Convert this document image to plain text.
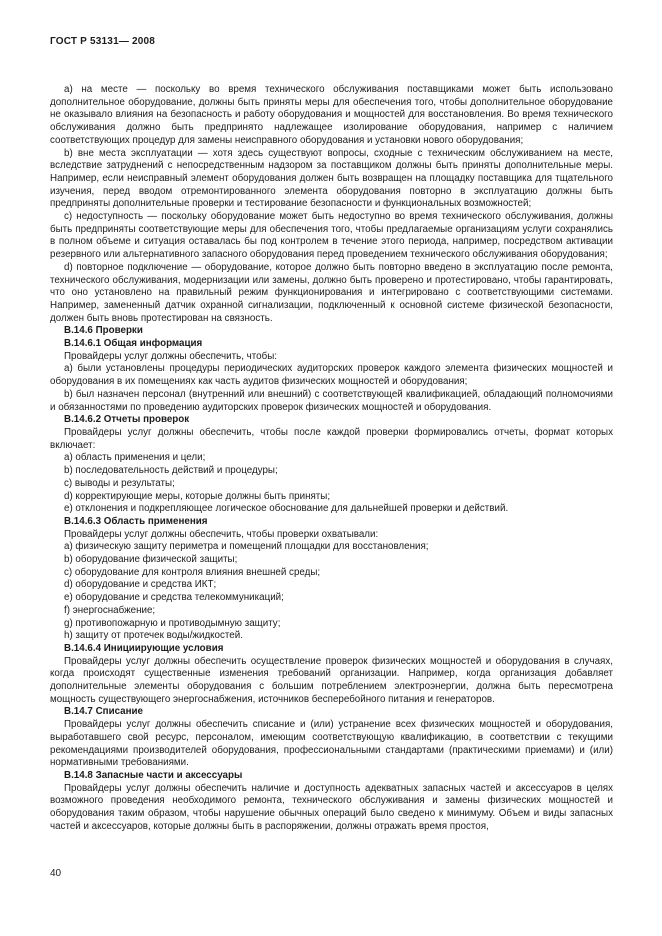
ГОСТ Р 53131— 2008

а) на месте — поскольку во время технического обслуживания поставщиками может быть использовано дополнительное оборудование, должны быть приняты меры для обеспечения того, чтобы дополнительное оборудование не оказывало влияния на безопасность и работу оборудования и мощностей для восстановления. Во время технического обслуживания должно быть предпринято надлежащее изолирование оборудования, например с наличием соответствующих процедур для замены неисправного оборудования и установки нового оборудования;

b) вне места эксплуатации — хотя здесь существуют вопросы, сходные с техническим обслуживанием на месте, вследствие затруднений с непосредственным надзором за поставщиком должны быть приняты дополнительные меры. Например, если неисправный элемент оборудования должен быть возвращен на площадку поставщика для тщательного изучения, перед вводом отремонтированного элемента оборудования повторно в эксплуатацию должны быть предприняты дополнительные проверки и тестирование безопасности и функциональных возможностей;

с) недоступность — поскольку оборудование может быть недоступно во время технического обслуживания, должны быть предприняты соответствующие меры для обеспечения того, чтобы предлагаемые организациям услуги сохранялись в полном объеме и ситуация оставалась бы под контролем в течение этого периода, например, посредством активации резервного или альтернативного запасного оборудования перед проведением технического обслуживания оборудования;

d) повторное подключение — оборудование, которое должно быть повторно введено в эксплуатацию после ремонта, технического обслуживания, модернизации или замены, должно быть проверено и протестировано, чтобы гарантировать, что оно установлено на правильный режим функционирования и интегрировано с соответствующими системами. Например, замененный датчик охранной сигнализации, подключенный к основной системе физической безопасности, должен быть вновь протестирован на связность.

В.14.6 Проверки

В.14.6.1 Общая информация

Провайдеры услуг должны обеспечить, чтобы:

а) были установлены процедуры периодических аудиторских проверок каждого элемента физических мощностей и оборудования в их помещениях как часть аудитов физических мощностей и оборудования;

b) был назначен персонал (внутренний или внешний) с соответствующей квалификацией, обладающий полномочиями и обязанностями по проведению аудиторских проверок физических мощностей и оборудования.

В.14.6.2 Отчеты проверок

Провайдеры услуг должны обеспечить, чтобы после каждой проверки формировались отчеты, формат которых включает:

а) область применения и цели;

b) последовательность действий и процедуры;

с) выводы и результаты;

d) корректирующие меры, которые должны быть приняты;

е) отклонения и подкрепляющее логическое обоснование для дальнейшей проверки и действий.

В.14.6.3 Область применения

Провайдеры услуг должны обеспечить, чтобы проверки охватывали:

а) физическую защиту периметра и помещений площадки для восстановления;

b) оборудование физической защиты;

с) оборудование для контроля влияния внешней среды;

d) оборудование и средства ИКТ;

е) оборудование и средства телекоммуникаций;

f) энергоснабжение;

g) противопожарную и противодымную защиту;

h) защиту от протечек воды/жидкостей.

В.14.6.4 Инициирующие условия

Провайдеры услуг должны обеспечить осуществление проверок физических мощностей и оборудования в случаях, когда происходят существенные изменения требований организации. Например, когда организация добавляет дополнительные элементы оборудования с большим потреблением электроэнергии, должна быть пересмотрена мощность существующего энергоснабжения, источников бесперебойного питания и генераторов.

В.14.7 Списание

Провайдеры услуг должны обеспечить списание и (или) устранение всех физических мощностей и оборудования, выработавшего свой ресурс, персоналом, имеющим соответствующую квалификацию, в соответствии с текущими рекомендациями производителей оборудования, профессиональными стандартами (практическими приемами) и (или) нормативными требованиями.

В.14.8 Запасные части и аксессуары

Провайдеры услуг должны обеспечить наличие и доступность адекватных запасных частей и аксессуаров в целях возможного проведения необходимого ремонта, технического обслуживания и замены физических мощностей и оборудования таким образом, чтобы нарушение обычных операций было сведено к минимуму. Объем и виды запасных частей и аксессуаров, которые должны быть в распоряжении, должны отражать время простоя,

40
